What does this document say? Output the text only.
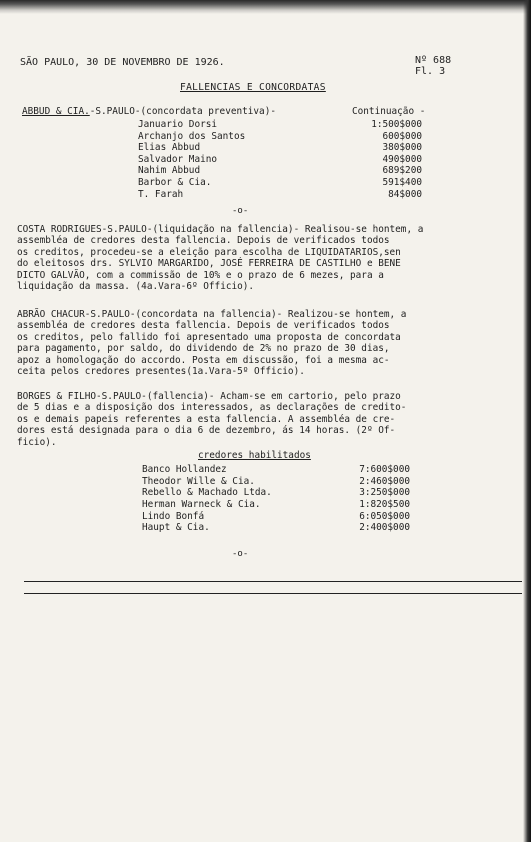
SÃO PAULO, 30 DE NOVEMBRO DE 1926.	Nº 688
Fl. 3
FALLENCIAS E CONCORDATAS
ABBUD & CIA.-S.PAULO-(concordata preventiva)-	Continuação -
Januario Dorsi	1:500$000
Archanjo dos Santos	600$000
Elias Abbud	380$000
Salvador Maino	490$000
Nahim Abbud	689$200
Barbor & Cia.	591$400
T. Farah	84$000
-o-
COSTA RODRIGUES-S.PAULO-(liquidação na fallencia)- Realisou-se hontem, a
assembléa de credores desta fallencia. Depois de verificados todos
os creditos, procedeu-se a eleição para escolha de LIQUIDATARIOS,sen
do eleitosos drs. SYLVIO MARGARIDO, JOSÉ FERREIRA DE CASTILHO e BENE
DICTO GALVÃO, com a commissão de 10% e o prazo de 6 mezes, para a
liquidação da massa. (4a.Vara-6º Officio).
ABRÃO CHACUR-S.PAULO-(concordata na fallencia)- Realizou-se hontem, a
assembléa de credores desta fallencia. Depois de verificados todos
os creditos, pelo fallido foi apresentado uma proposta de concordata
para pagamento, por saldo, do dividendo de 2% no prazo de 30 dias,
apoz a homologação do accordo. Posta em discussão, foi a mesma ac-
ceita pelos credores presentes(1a.Vara-5º Officio).
BORGES & FILHO-S.PAULO-(fallencia)- Acham-se em cartorio, pelo prazo
de 5 dias e a disposição dos interessados, as declarações de credito-
os e demais papeis referentes a esta fallencia. A assembléa de cre-
dores está designada para o dia 6 de dezembro, ás 14 horas. (2º Of-
ficio).
credores habilitados
Banco Hollandez	7:600$000
Theodor Wille & Cia.	2:460$000
Rebello & Machado Ltda.	3:250$000
Herman Warneck & Cia.	1:820$500
Lindo Bonfá	6:050$000
Haupt & Cia.	2:400$000
-o-
